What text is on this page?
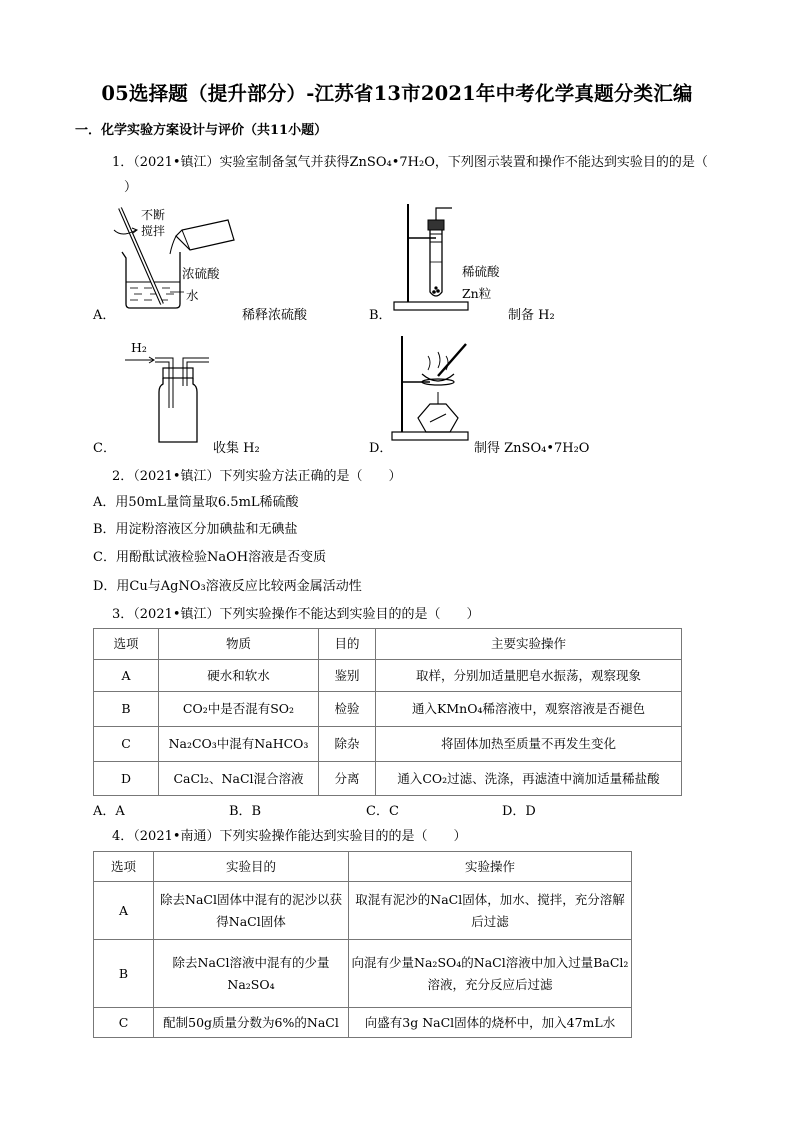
05选择题（提升部分）-江苏省13市2021年中考化学真题分类汇编
一．化学实验方案设计与评价（共11小题）
1．（2021•镇江）实验室制备氢气并获得ZnSO₄•7H₂O，下列图示装置和操作不能达到实验目的的是（
）
不断
搅拌
浓硫酸
水
A．	稀释浓硫酸
稀硫酸
Zn粒
B．	制备 H₂
H₂
C．	收集 H₂	D．	制得 ZnSO₄•7H₂O
2．（2021•镇江）下列实验方法正确的是（　　）
A．用50mL量筒量取6.5mL稀硫酸
B．用淀粉溶液区分加碘盐和无碘盐
C．用酚酞试液检验NaOH溶液是否变质
D．用Cu与AgNO₃溶液反应比较两金属活动性
3．（2021•镇江）下列实验操作不能达到实验目的的是（　　）
选项	物质	目的	主要实验操作
A	硬水和软水	鉴别	取样，分别加适量肥皂水振荡，观察现象
B	CO₂中是否混有SO₂	检验	通入KMnO₄稀溶液中，观察溶液是否褪色
C	Na₂CO₃中混有NaHCO₃	除杂	将固体加热至质量不再发生变化
D	CaCl₂、NaCl混合溶液	分离	通入CO₂过滤、洗涤，再滤渣中滴加适量稀盐酸
A．A	B．B	C．C	D．D
4．（2021•南通）下列实验操作能达到实验目的的是（　　）
选项	实验目的	实验操作
A	除去NaCl固体中混有的泥沙以获得NaCl固体	取混有泥沙的NaCl固体，加水、搅拌，充分溶解后过滤
B	除去NaCl溶液中混有的少量Na₂SO₄	向混有少量Na₂SO₄的NaCl溶液中加入过量BaCl₂溶液，充分反应后过滤
C	配制50g质量分数为6%的NaCl	向盛有3g NaCl固体的烧杯中，加入47mL水
